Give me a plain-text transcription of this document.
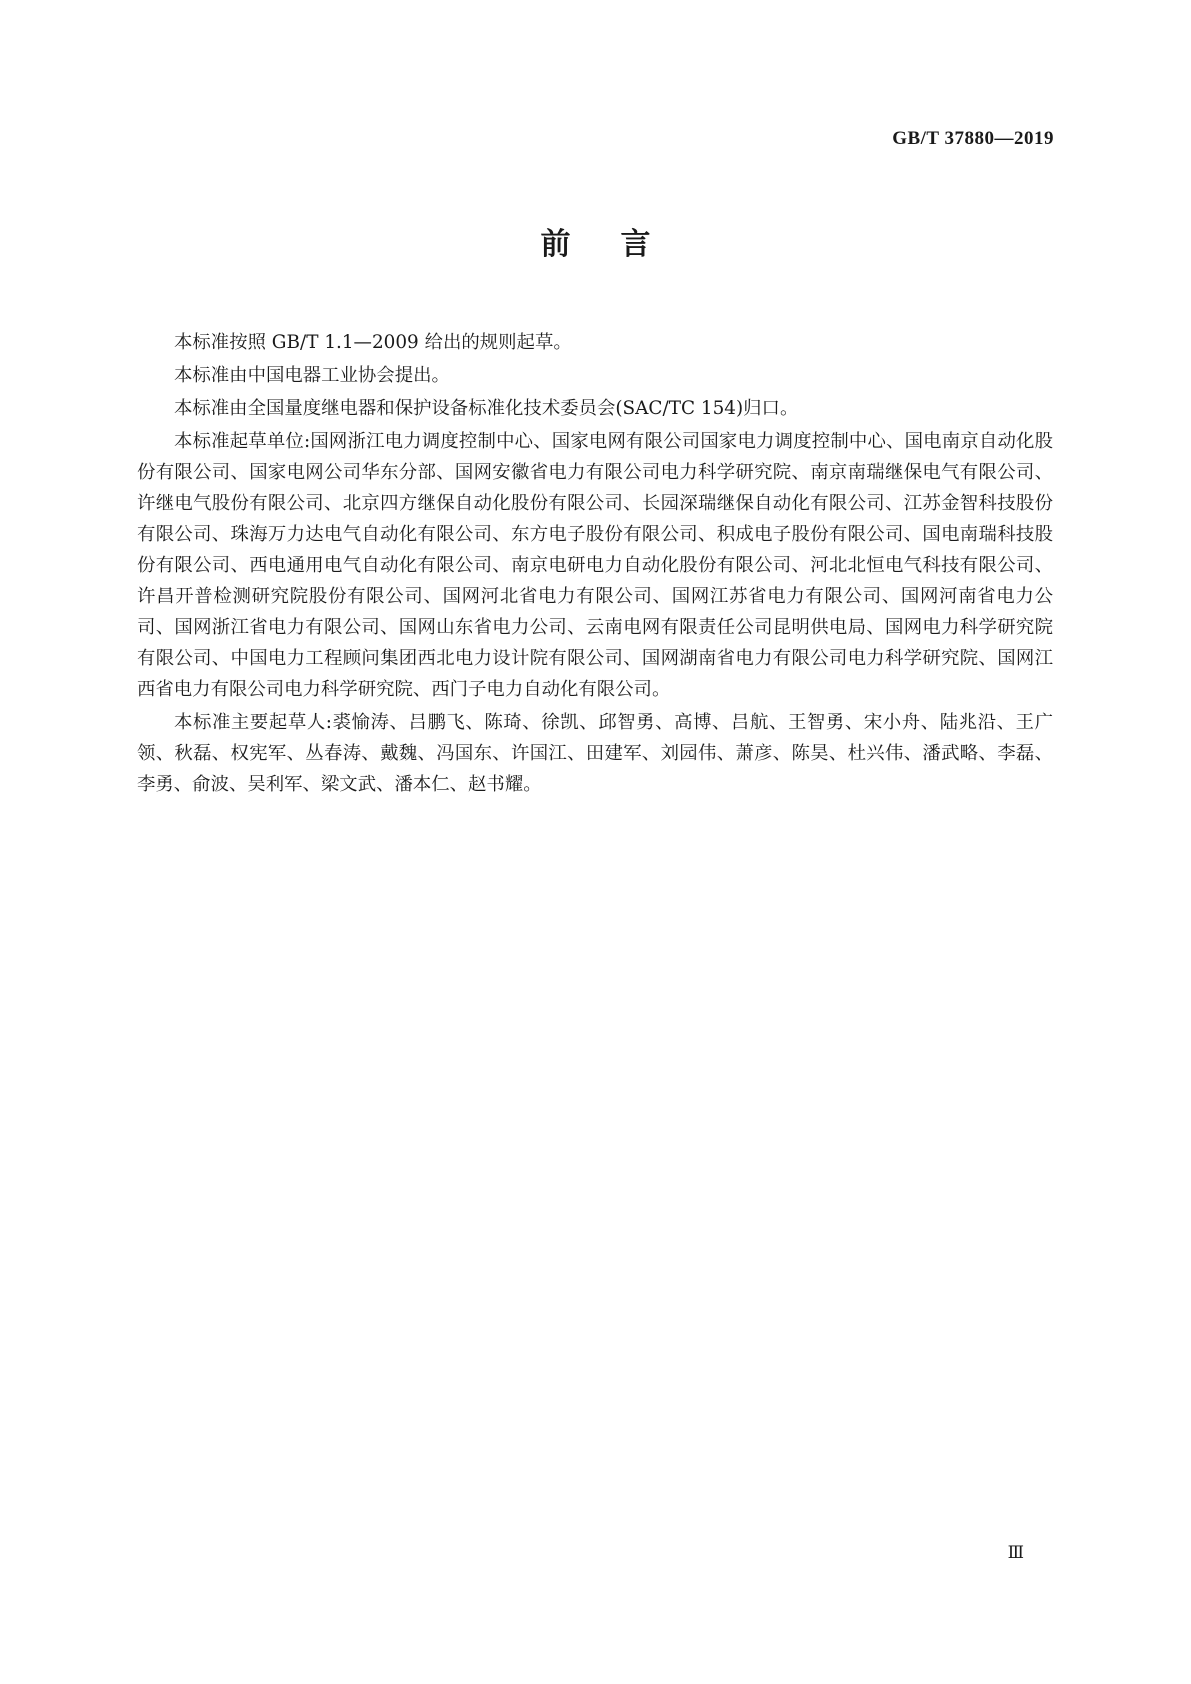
GB/T 37880—2019
前言

本标准按照 GB/T 1.1—2009 给出的规则起草。

本标准由中国电器工业协会提出。

本标准由全国量度继电器和保护设备标准化技术委员会(SAC/TC 154)归口。

本标准起草单位:国网浙江电力调度控制中心、国家电网有限公司国家电力调度控制中心、国电南京自动化股份有限公司、国家电网公司华东分部、国网安徽省电力有限公司电力科学研究院、南京南瑞继保电气有限公司、许继电气股份有限公司、北京四方继保自动化股份有限公司、长园深瑞继保自动化有限公司、江苏金智科技股份有限公司、珠海万力达电气自动化有限公司、东方电子股份有限公司、积成电子股份有限公司、国电南瑞科技股份有限公司、西电通用电气自动化有限公司、南京电研电力自动化股份有限公司、河北北恒电气科技有限公司、许昌开普检测研究院股份有限公司、国网河北省电力有限公司、国网江苏省电力有限公司、国网河南省电力公司、国网浙江省电力有限公司、国网山东省电力公司、云南电网有限责任公司昆明供电局、国网电力科学研究院有限公司、中国电力工程顾问集团西北电力设计院有限公司、国网湖南省电力有限公司电力科学研究院、国网江西省电力有限公司电力科学研究院、西门子电力自动化有限公司。

本标准主要起草人:裘愉涛、吕鹏飞、陈琦、徐凯、邱智勇、高博、吕航、王智勇、宋小舟、陆兆沿、王广领、秋磊、权宪军、丛春涛、戴魏、冯国东、许国江、田建军、刘园伟、萧彦、陈昊、杜兴伟、潘武略、李磊、李勇、俞波、吴利军、梁文武、潘本仁、赵书耀。

Ⅲ
